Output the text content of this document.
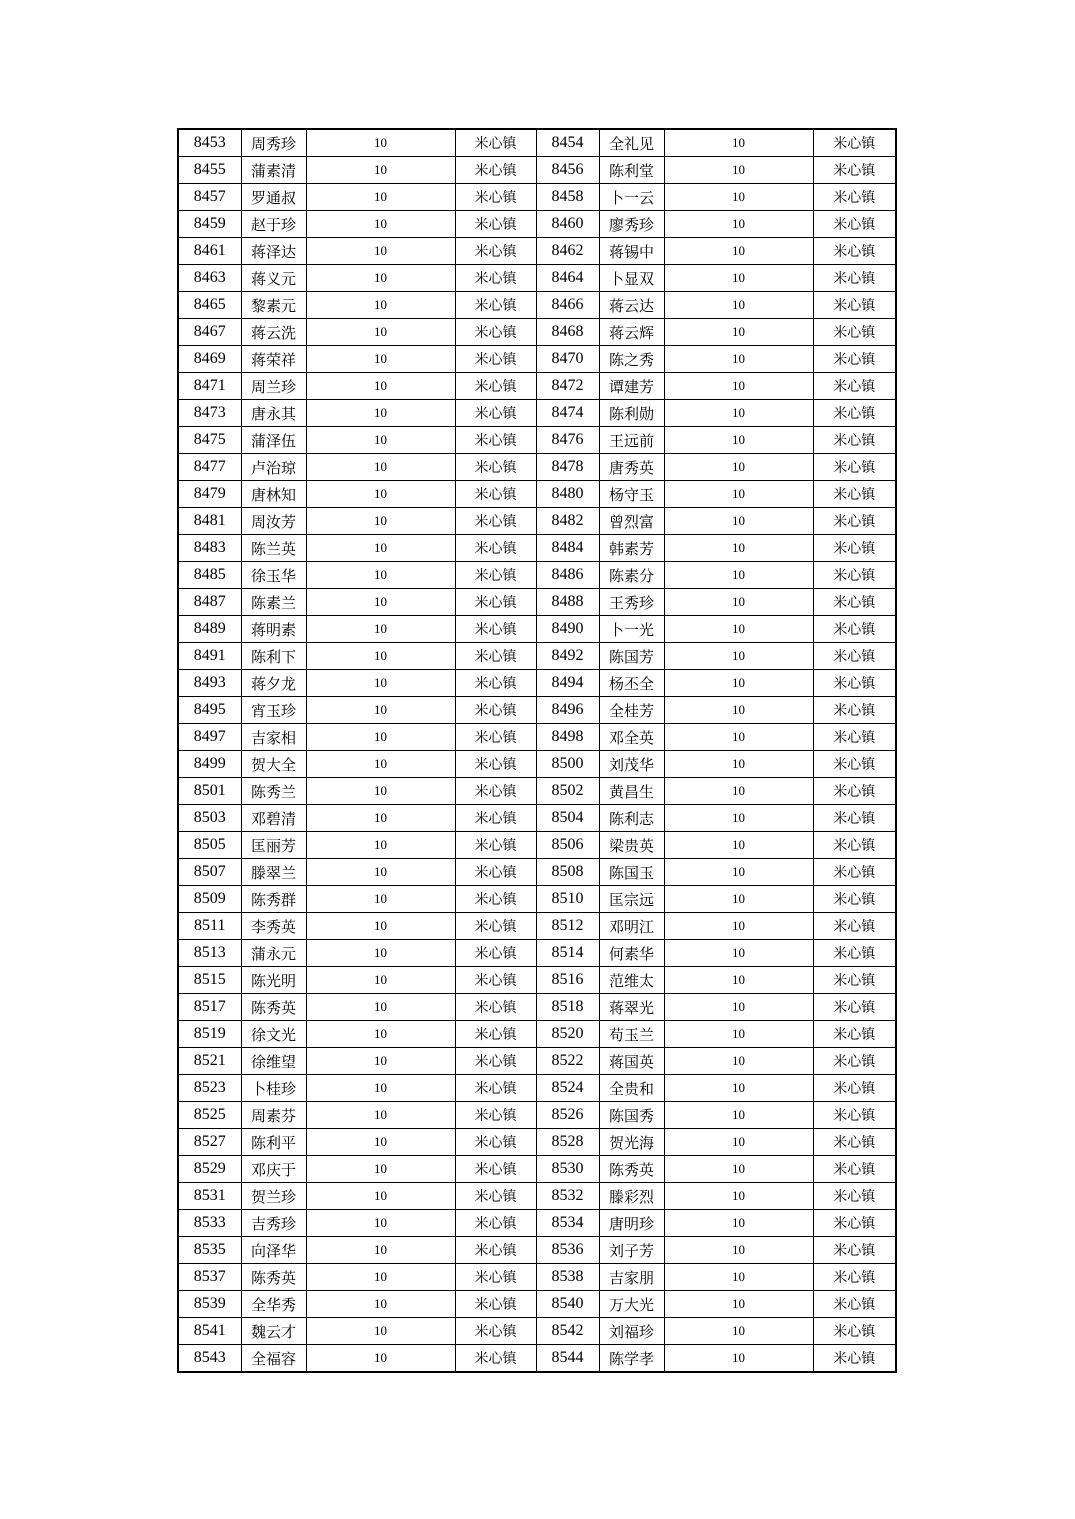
8453	周秀珍	10	米心镇	8454	全礼见	10	米心镇
8455	蒲素清	10	米心镇	8456	陈利堂	10	米心镇
8457	罗通叔	10	米心镇	8458	卜一云	10	米心镇
8459	赵于珍	10	米心镇	8460	廖秀珍	10	米心镇
8461	蒋泽达	10	米心镇	8462	蒋锡中	10	米心镇
8463	蒋义元	10	米心镇	8464	卜显双	10	米心镇
8465	黎素元	10	米心镇	8466	蒋云达	10	米心镇
8467	蒋云洗	10	米心镇	8468	蒋云辉	10	米心镇
8469	蒋荣祥	10	米心镇	8470	陈之秀	10	米心镇
8471	周兰珍	10	米心镇	8472	谭建芳	10	米心镇
8473	唐永其	10	米心镇	8474	陈利勋	10	米心镇
8475	蒲泽伍	10	米心镇	8476	王远前	10	米心镇
8477	卢治琼	10	米心镇	8478	唐秀英	10	米心镇
8479	唐林知	10	米心镇	8480	杨守玉	10	米心镇
8481	周汝芳	10	米心镇	8482	曾烈富	10	米心镇
8483	陈兰英	10	米心镇	8484	韩素芳	10	米心镇
8485	徐玉华	10	米心镇	8486	陈素分	10	米心镇
8487	陈素兰	10	米心镇	8488	王秀珍	10	米心镇
8489	蒋明素	10	米心镇	8490	卜一光	10	米心镇
8491	陈利下	10	米心镇	8492	陈国芳	10	米心镇
8493	蒋夕龙	10	米心镇	8494	杨丕全	10	米心镇
8495	宵玉珍	10	米心镇	8496	全桂芳	10	米心镇
8497	吉家相	10	米心镇	8498	邓全英	10	米心镇
8499	贺大全	10	米心镇	8500	刘茂华	10	米心镇
8501	陈秀兰	10	米心镇	8502	黄昌生	10	米心镇
8503	邓碧清	10	米心镇	8504	陈利志	10	米心镇
8505	匡丽芳	10	米心镇	8506	梁贵英	10	米心镇
8507	滕翠兰	10	米心镇	8508	陈国玉	10	米心镇
8509	陈秀群	10	米心镇	8510	匡宗远	10	米心镇
8511	李秀英	10	米心镇	8512	邓明江	10	米心镇
8513	蒲永元	10	米心镇	8514	何素华	10	米心镇
8515	陈光明	10	米心镇	8516	范维太	10	米心镇
8517	陈秀英	10	米心镇	8518	蒋翠光	10	米心镇
8519	徐文光	10	米心镇	8520	苟玉兰	10	米心镇
8521	徐维望	10	米心镇	8522	蒋国英	10	米心镇
8523	卜桂珍	10	米心镇	8524	全贵和	10	米心镇
8525	周素芬	10	米心镇	8526	陈国秀	10	米心镇
8527	陈利平	10	米心镇	8528	贺光海	10	米心镇
8529	邓庆于	10	米心镇	8530	陈秀英	10	米心镇
8531	贺兰珍	10	米心镇	8532	滕彩烈	10	米心镇
8533	吉秀珍	10	米心镇	8534	唐明珍	10	米心镇
8535	向泽华	10	米心镇	8536	刘子芳	10	米心镇
8537	陈秀英	10	米心镇	8538	吉家朋	10	米心镇
8539	全华秀	10	米心镇	8540	万大光	10	米心镇
8541	魏云才	10	米心镇	8542	刘福珍	10	米心镇
8543	全福容	10	米心镇	8544	陈学孝	10	米心镇
